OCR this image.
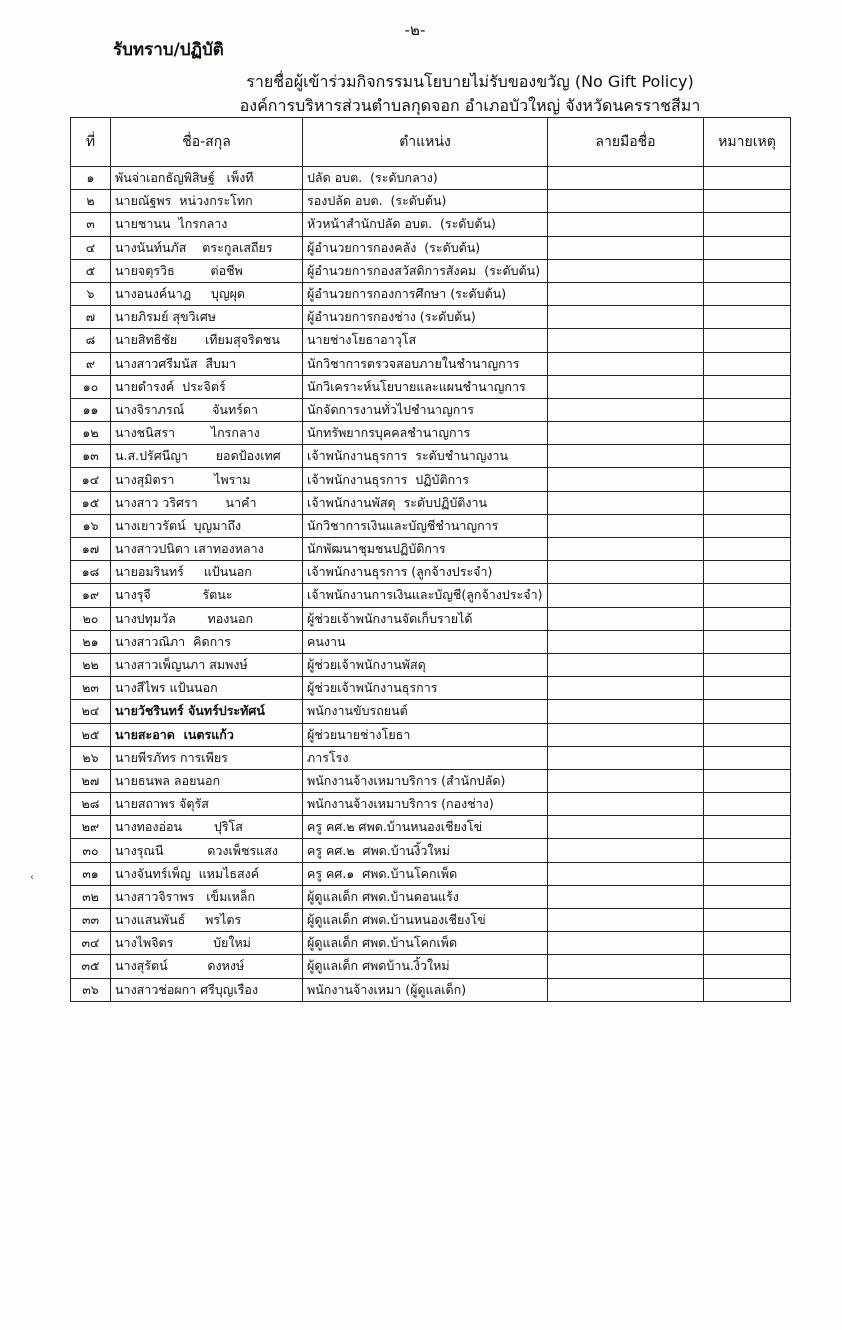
-๒-
รับทราบ/ปฏิบัติ
รายชื่อผู้เข้าร่วมกิจกรรมนโยบายไม่รับของขวัญ (No Gift Policy)
องค์การบริหารส่วนตำบลกุดจอก อำเภอบัวใหญ่ จังหวัดนครราชสีมา
ที่	ชื่อ-สกุล	ตำแหน่ง	ลายมือชื่อ	หมายเหตุ
๑	พันจ่าเอกธัญพิสิษฐ์   เพ็งที	ปลัด อบต.  (ระดับกลาง)		
๒	นายณัฐพร  หน่วงกระโทก	รองปลัด อบต.  (ระดับต้น)		
๓	นายชานน  ไกรกลาง	หัวหน้าสำนักปลัด อบต.  (ระดับต้น)		
๔	นางนันท์นภัส    ตระกูลเสถียร	ผู้อำนวยการกองคลัง  (ระดับต้น)		
๕	นายจตุรวิธ         ต่อชีพ	ผู้อำนวยการกองสวัสดิการสังคม  (ระดับต้น)		
๖	นางอนงค์นาฎ     บุญผุด	ผู้อำนวยการกองการศึกษา (ระดับต้น)		
๗	นายภิรมย์ สุขวิเศษ	ผู้อำนวยการกองช่าง (ระดับต้น)		
๘	นายสิทธิชัย       เทียมสุจริตชน	นายช่างโยธาอาวุโส		
๙	นางสาวศรีมนัส  สืบมา	นักวิชาการตรวจสอบภายในชำนาญการ		
๑๐	นายดำรงค์  ประจิตร์	นักวิเคราะห์นโยบายและแผนชำนาญการ		
๑๑	นางจิราภรณ์       จันทร์ดา	นักจัดการงานทั่วไปชำนาญการ		
๑๒	นางชนิสรา         ไกรกลาง	นักทรัพยากรบุคคลชำนาญการ		
๑๓	น.ส.ปรัศนีญา       ยอดป้องเทศ	เจ้าพนักงานธุรการ  ระดับชำนาญงาน		
๑๔	นางสุมิตรา          ไพราม	เจ้าพนักงานธุรการ  ปฏิบัติการ		
๑๕	นางสาว วริศรา       นาคำ	เจ้าพนักงานพัสดุ  ระดับปฏิบัติงาน		
๑๖	นางเยาวรัตน์  บุญมาถึง	นักวิชาการเงินและบัญชีชำนาญการ		
๑๗	นางสาวปนิดา เสาทองหลาง	นักพัฒนาชุมชนปฏิบัติการ		
๑๘	นายอมรินทร์     แป้นนอก	เจ้าพนักงานธุรการ (ลูกจ้างประจำ)		
๑๙	นางรุจี             รัตนะ	เจ้าพนักงานการเงินและบัญชี(ลูกจ้างประจำ)		
๒๐	นางปทุมวัล        ทองนอก	ผู้ช่วยเจ้าพนักงานจัดเก็บรายได้		
๒๑	นางสาวณิภา  คิดการ	คนงาน		
๒๒	นางสาวเพ็ญนภา สมพงษ์	ผู้ช่วยเจ้าพนักงานพัสดุ		
๒๓	นางสีไพร แป้นนอก	ผู้ช่วยเจ้าพนักงานธุรการ		
๒๔	นายวัชรินทร์ จันทร์ประทัศน์	พนักงานขับรถยนต์		
๒๕	นายสะอาด  เนตรแก้ว	ผู้ช่วยนายช่างโยธา		
๒๖	นายพีรภัทร การเพียร	ภารโรง		
๒๗	นายธนพล ลอยนอก	พนักงานจ้างเหมาบริการ (สำนักปลัด)		
๒๘	นายสถาพร จัตุรัส	พนักงานจ้างเหมาบริการ (กองช่าง)		
๒๙	นางทองอ่อน        ปุริโส	ครู คศ.๒ ศพด.บ้านหนองเชียงโข่		
๓๐	นางรุณนี           ดวงเพ็ชรแสง	ครู คศ.๒  ศพด.บ้านงิ้วใหม่		
๓๑	นางจันทร์เพ็ญ  แหมไธสงค์	ครู คศ.๑  ศพด.บ้านโคกเพ็ด		
๓๒	นางสาวจิราพร   เข็มเหล็ก	ผู้ดูแลเด็ก ศพด.บ้านดอนแร้ง		
๓๓	นางแสนพันธ์     พรไตร	ผู้ดูแลเด็ก ศพด.บ้านหนองเชียงโข่		
๓๔	นางไพจิตร          บัยใหม่	ผู้ดูแลเด็ก ศพด.บ้านโคกเพ็ด		
๓๕	นางสุรัตน์          ดงหงษ์	ผู้ดูแลเด็ก ศพดบ้าน.งิ้วใหม่		
๓๖	นางสาวช่อผกา ศรีบุญเรือง	พนักงานจ้างเหมา (ผู้ดูแลเด็ก)		
‹
